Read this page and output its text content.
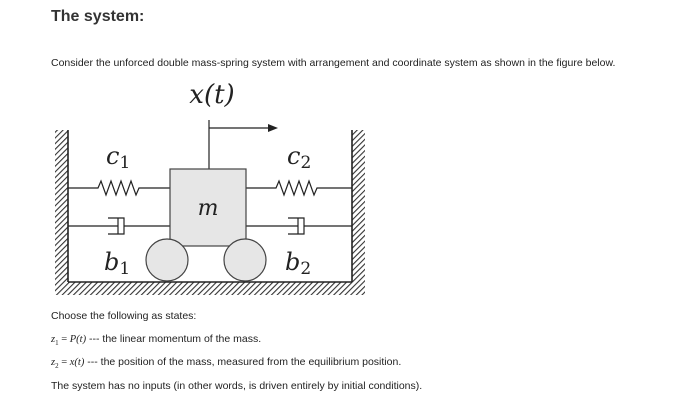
The system:
Consider the unforced double mass-spring system with arrangement and coordinate system as shown in the figure below.
x(t)
m
c1	c2
b1	b2
Choose the following as states:
$z_1 = P(t)$ --- the linear momentum of the mass.
$z_2 = x(t)$ --- the position of the mass, measured from the equilibrium position.
The system has no inputs (in other words, is driven entirely by initial conditions).
